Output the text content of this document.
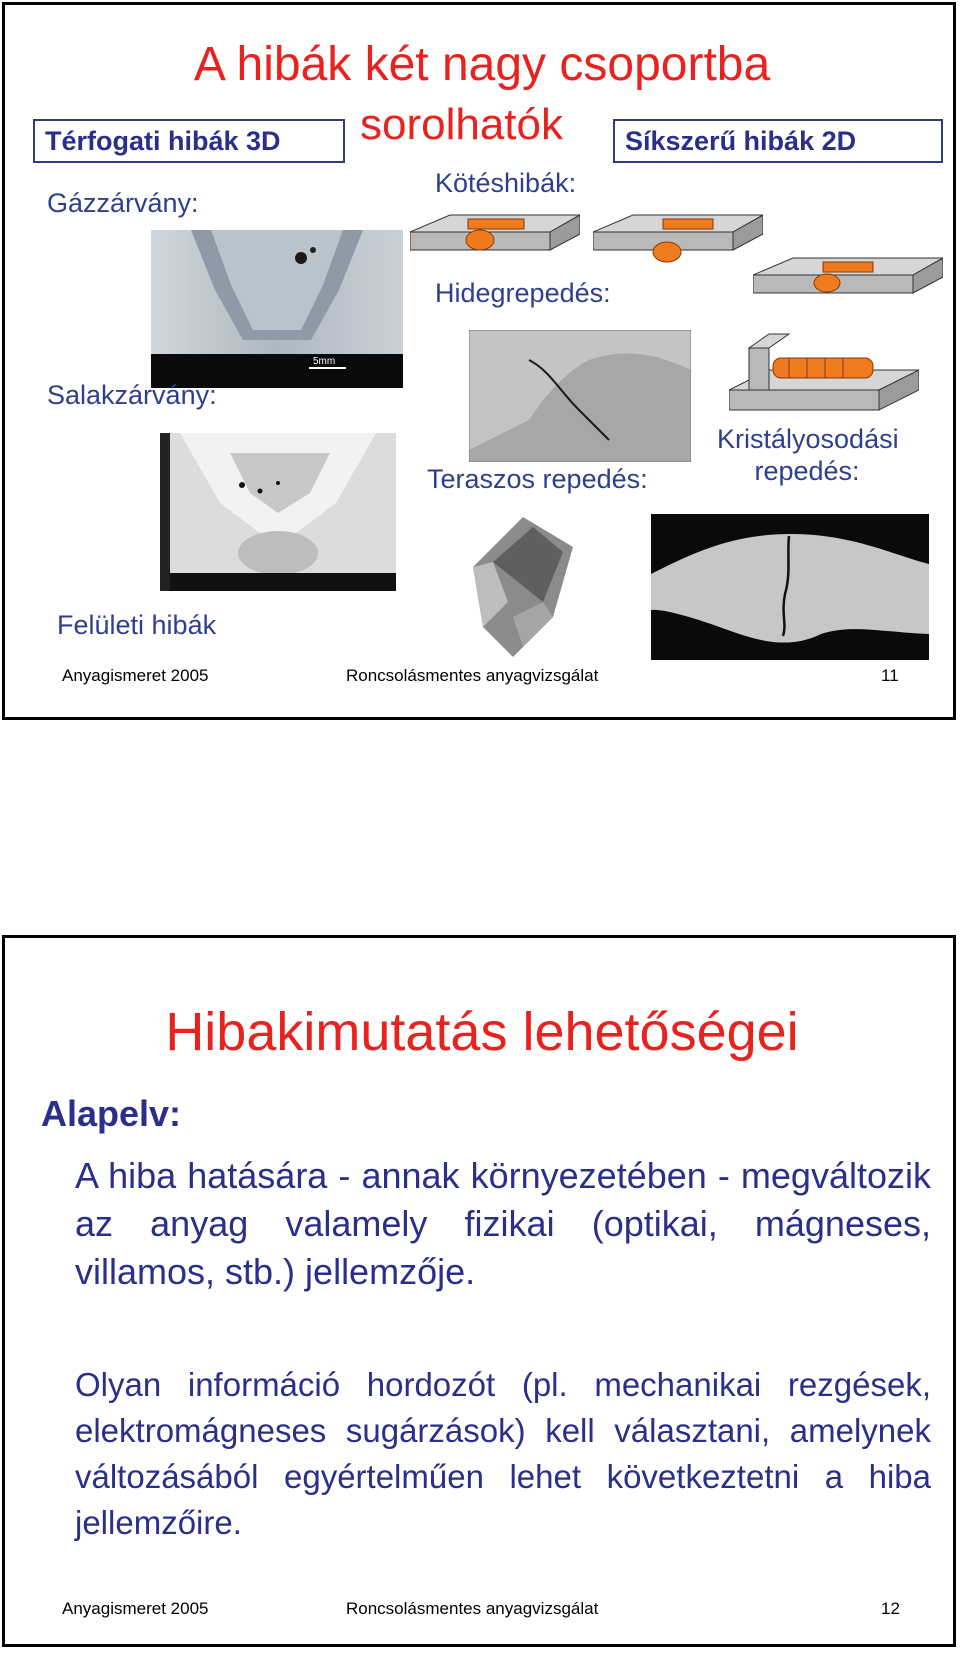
A hibák két nagy csoportba
sorolhatók
Térfogati hibák 3D	Síkszerű hibák 2D
Gázzárvány:
Kötéshibák:
5mm
Hidegrepedés:
Salakzárvány:
Teraszos repedés:
Kristályosodási
repedés:
Felületi hibák
Anyagismeret 2005	Roncsolásmentes anyagvizsgálat	11
Hibakimutatás lehetőségei
Alapelv:
A hiba hatására - annak környezetében - megváltozik az anyag valamely fizikai (optikai, mágneses, villamos, stb.) jellemzője.
Olyan információ hordozót (pl. mechanikai rezgések, elektromágneses sugárzások) kell választani, amelynek változásából egyértelműen lehet következtetni a hiba jellemzőire.
Anyagismeret 2005	Roncsolásmentes anyagvizsgálat	12
